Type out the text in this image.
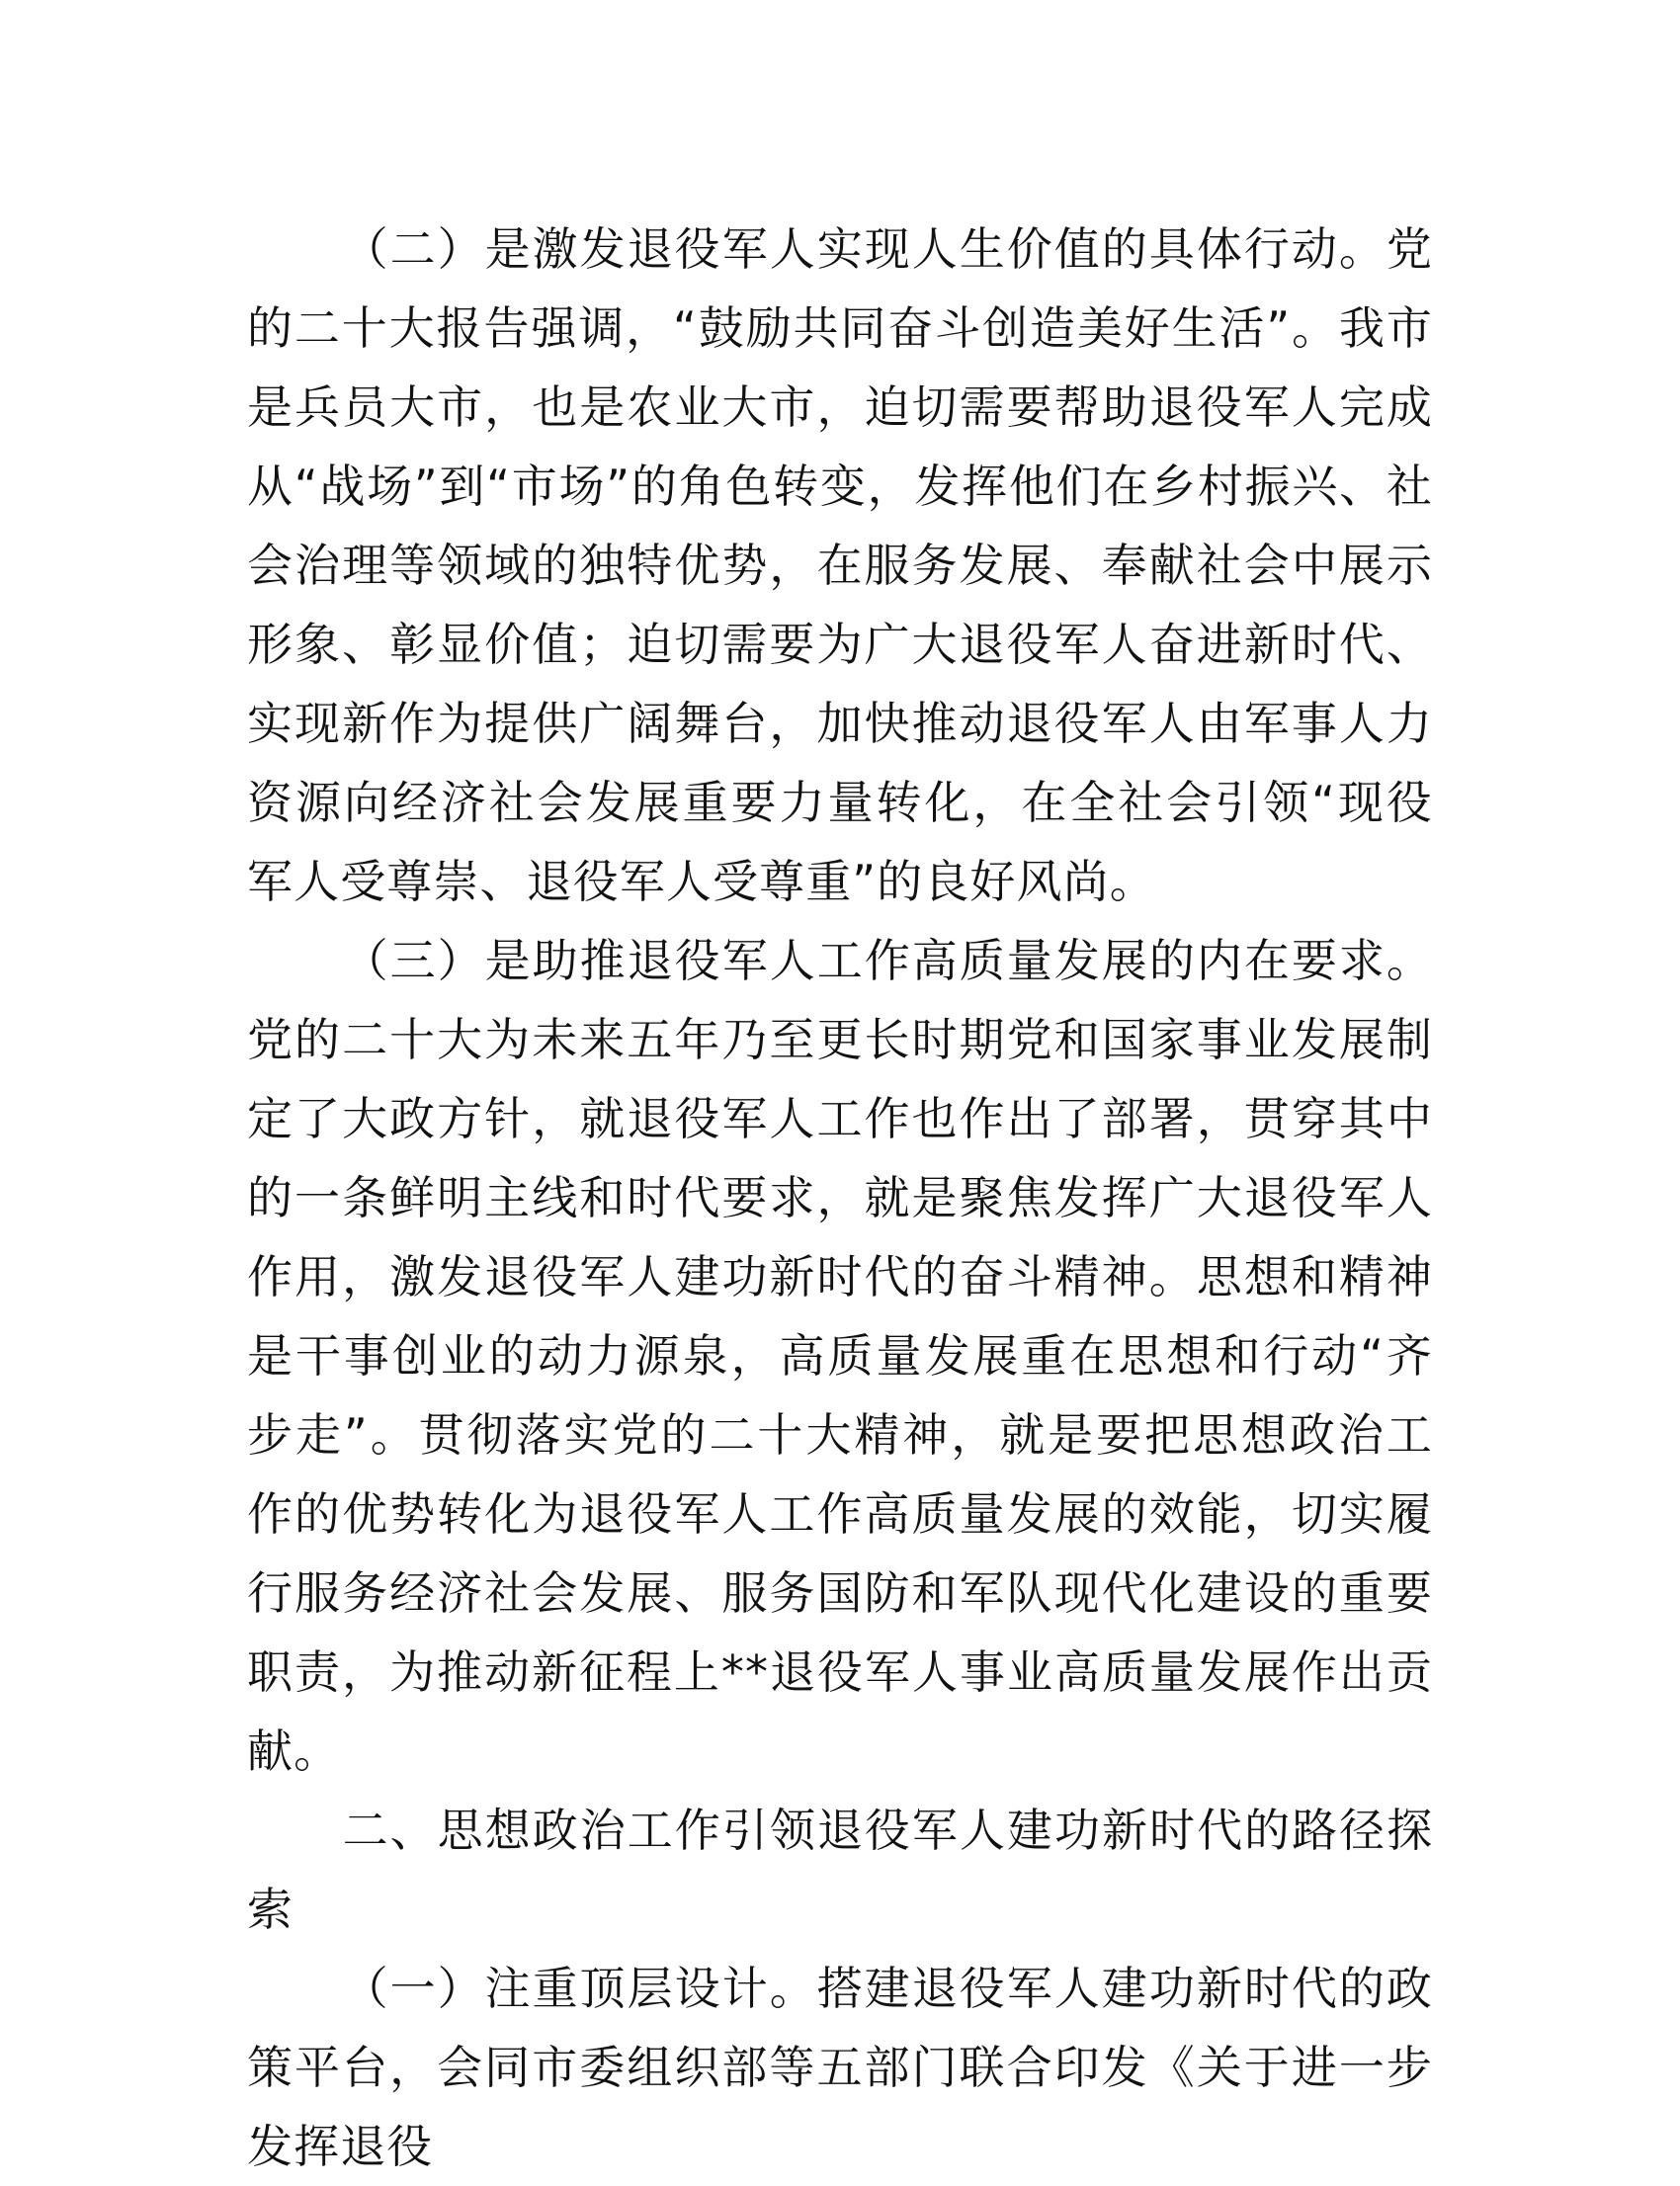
（二）是激发退役军人实现人生价值的具体行动。党的二十大报告强调，“鼓励共同奋斗创造美好生活”。我市是兵员大市，也是农业大市，迫切需要帮助退役军人完成从“战场”到“市场”的角色转变，发挥他们在乡村振兴、社会治理等领域的独特优势，在服务发展、奉献社会中展示形象、彰显价值；迫切需要为广大退役军人奋进新时代、实现新作为提供广阔舞台，加快推动退役军人由军事人力资源向经济社会发展重要力量转化，在全社会引领“现役军人受尊崇、退役军人受尊重”的良好风尚。

（三）是助推退役军人工作高质量发展的内在要求。党的二十大为未来五年乃至更长时期党和国家事业发展制定了大政方针，就退役军人工作也作出了部署，贯穿其中的一条鲜明主线和时代要求，就是聚焦发挥广大退役军人作用，激发退役军人建功新时代的奋斗精神。思想和精神是干事创业的动力源泉，高质量发展重在思想和行动“齐步走”。贯彻落实党的二十大精神，就是要把思想政治工作的优势转化为退役军人工作高质量发展的效能，切实履行服务经济社会发展、服务国防和军队现代化建设的重要职责，为推动新征程上**退役军人事业高质量发展作出贡献。

二、思想政治工作引领退役军人建功新时代的路径探索

（一）注重顶层设计。搭建退役军人建功新时代的政策平台，会同市委组织部等五部门联合印发《关于进一步发挥退役
